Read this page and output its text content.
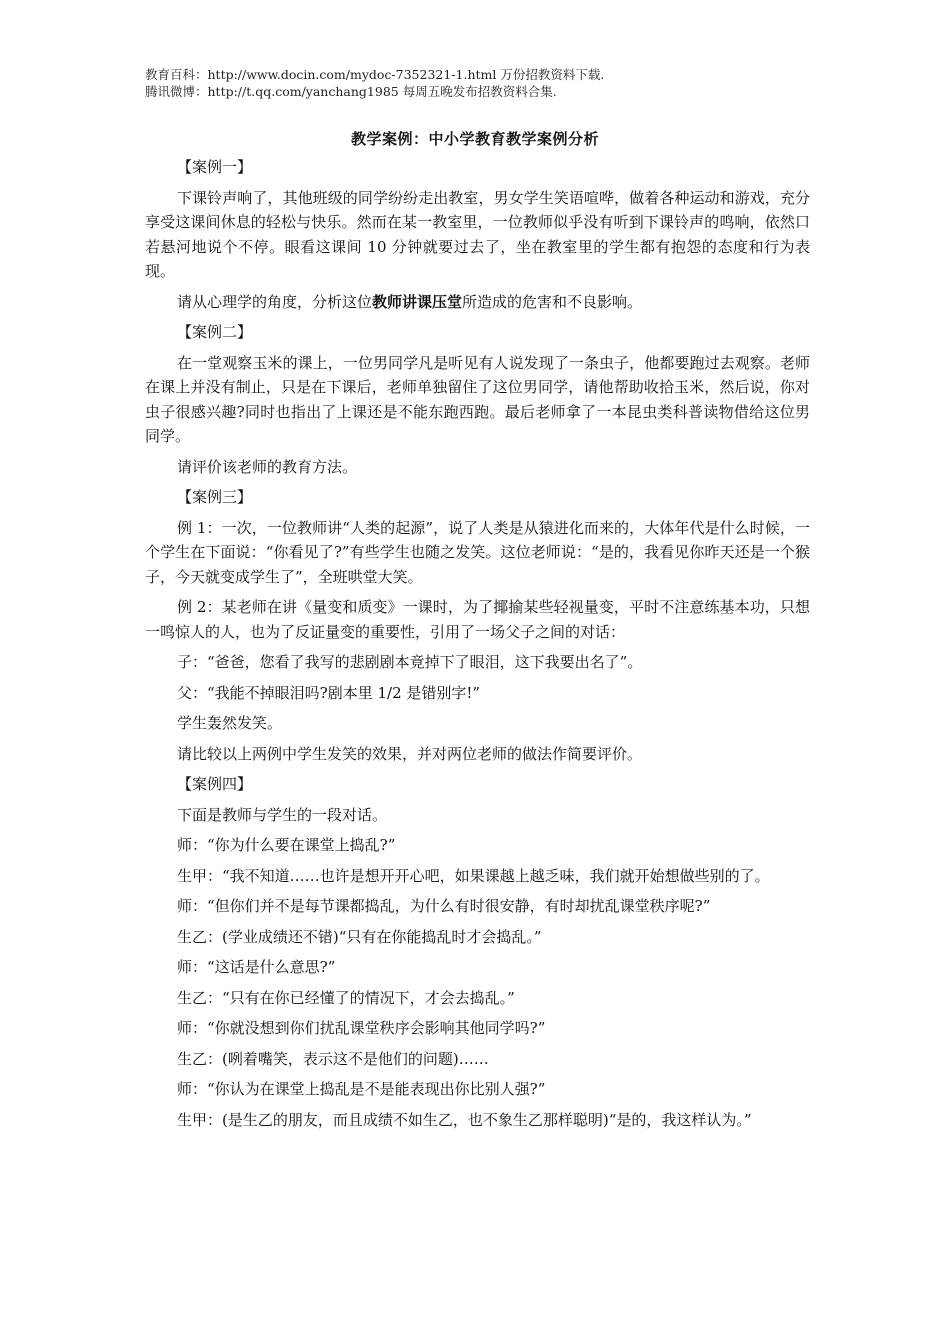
教育百科：http://www.docin.com/mydoc-7352321-1.html 万份招教资料下载.
腾讯微博：http://t.qq.com/yanchang1985 每周五晚发布招教资料合集.
教学案例：中小学教育教学案例分析

【案例一】

下课铃声响了，其他班级的同学纷纷走出教室，男女学生笑语喧哗，做着各种运动和游戏，充分享受这课间休息的轻松与快乐。然而在某一教室里，一位教师似乎没有听到下课铃声的鸣响，依然口若悬河地说个不停。眼看这课间 10 分钟就要过去了，坐在教室里的学生都有抱怨的态度和行为表现。

请从心理学的角度，分析这位教师讲课压堂所造成的危害和不良影响。

【案例二】

在一堂观察玉米的课上，一位男同学凡是听见有人说发现了一条虫子，他都要跑过去观察。老师在课上并没有制止，只是在下课后，老师单独留住了这位男同学，请他帮助收拾玉米，然后说，你对虫子很感兴趣?同时也指出了上课还是不能东跑西跑。最后老师拿了一本昆虫类科普读物借给这位男同学。

请评价该老师的教育方法。

【案例三】

例 1：一次，一位教师讲“人类的起源”，说了人类是从猿进化而来的，大体年代是什么时候，一个学生在下面说：“你看见了?”有些学生也随之发笑。这位老师说：“是的，我看见你昨天还是一个猴子，今天就变成学生了”，全班哄堂大笑。

例 2：某老师在讲《量变和质变》一课时，为了揶揄某些轻视量变，平时不注意练基本功，只想一鸣惊人的人，也为了反证量变的重要性，引用了一场父子之间的对话：

子：“爸爸，您看了我写的悲剧剧本竟掉下了眼泪，这下我要出名了”。

父：“我能不掉眼泪吗?剧本里 1/2 是错别字!”

学生轰然发笑。

请比较以上两例中学生发笑的效果，并对两位老师的做法作简要评价。

【案例四】

下面是教师与学生的一段对话。

师：“你为什么要在课堂上捣乱?”

生甲：“我不知道……也许是想开开心吧，如果课越上越乏味，我们就开始想做些别的了。

师：“但你们并不是每节课都捣乱，为什么有时很安静，有时却扰乱课堂秩序呢?”

生乙：(学业成绩还不错)“只有在你能捣乱时才会捣乱。”

师：“这话是什么意思?”

生乙：“只有在你已经懂了的情况下，才会去捣乱。”

师：“你就没想到你们扰乱课堂秩序会影响其他同学吗?”

生乙：(咧着嘴笑，表示这不是他们的问题)……

师：“你认为在课堂上捣乱是不是能表现出你比别人强?”

生甲：(是生乙的朋友，而且成绩不如生乙，也不象生乙那样聪明)“是的，我这样认为。”
